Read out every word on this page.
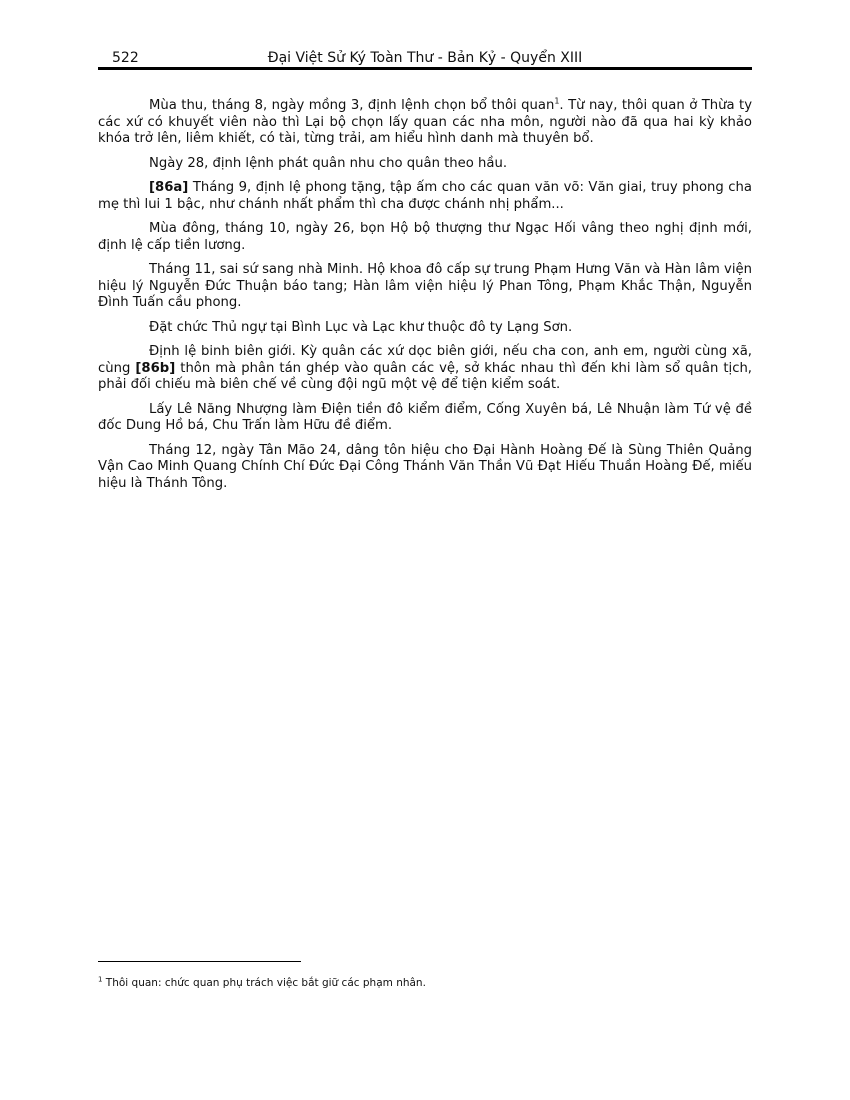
522	Đại Việt Sử Ký Toàn Thư - Bản Kỷ - Quyển XIII

Mùa thu, tháng 8, ngày mồng 3, định lệnh chọn bổ thôi quan$^1$. Từ nay, thôi quan ở Thừa ty các xứ có khuyết viên nào thì Lại bộ chọn lấy quan các nha môn, người nào đã qua hai kỳ khảo khóa trở lên, liêm khiết, có tài, từng trải, am hiểu hình danh mà thuyên bổ.

Ngày 28, định lệnh phát quân nhu cho quân theo hầu.

[86a] Tháng 9, định lệ phong tặng, tập ấm cho các quan văn võ: Văn giai, truy phong cha mẹ thì lui 1 bậc, như chánh nhất phẩm thì cha được chánh nhị phẩm...

Mùa đông, tháng 10, ngày 26, bọn Hộ bộ thượng thư Ngạc Hối vâng theo nghị định mới, định lệ cấp tiền lương.

Tháng 11, sai sứ sang nhà Minh. Hộ khoa đô cấp sự trung Phạm Hưng Văn và Hàn lâm viện hiệu lý Nguyễn Đức Thuận báo tang; Hàn lâm viện hiệu lý Phan Tông, Phạm Khắc Thận, Nguyễn Đình Tuấn cầu phong.

Đặt chức Thủ ngự tại Bình Lục và Lạc khư thuộc đô ty Lạng Sơn.

Định lệ binh biên giới. Kỳ quân các xứ dọc biên giới, nếu cha con, anh em, người cùng xã, cùng [86b] thôn mà phân tán ghép vào quân các vệ, sở khác nhau thì đến khi làm sổ quân tịch, phải đối chiếu mà biên chế về cùng đội ngũ một vệ để tiện kiểm soát.

Lấy Lê Năng Nhượng làm Điện tiền đô kiểm điểm, Cống Xuyên bá, Lê Nhuận làm Tứ vệ đề đốc Dung Hồ bá, Chu Trấn làm Hữu đề điểm.

Tháng 12, ngày Tân Mão 24, dâng tôn hiệu cho Đại Hành Hoàng Đế là Sùng Thiên Quảng Vận Cao Minh Quang Chính Chí Đức Đại Công Thánh Văn Thần Vũ Đạt Hiếu Thuần Hoàng Đế, miếu hiệu là Thánh Tông.

$^1$ Thôi quan: chức quan phụ trách việc bắt giữ các phạm nhân.
